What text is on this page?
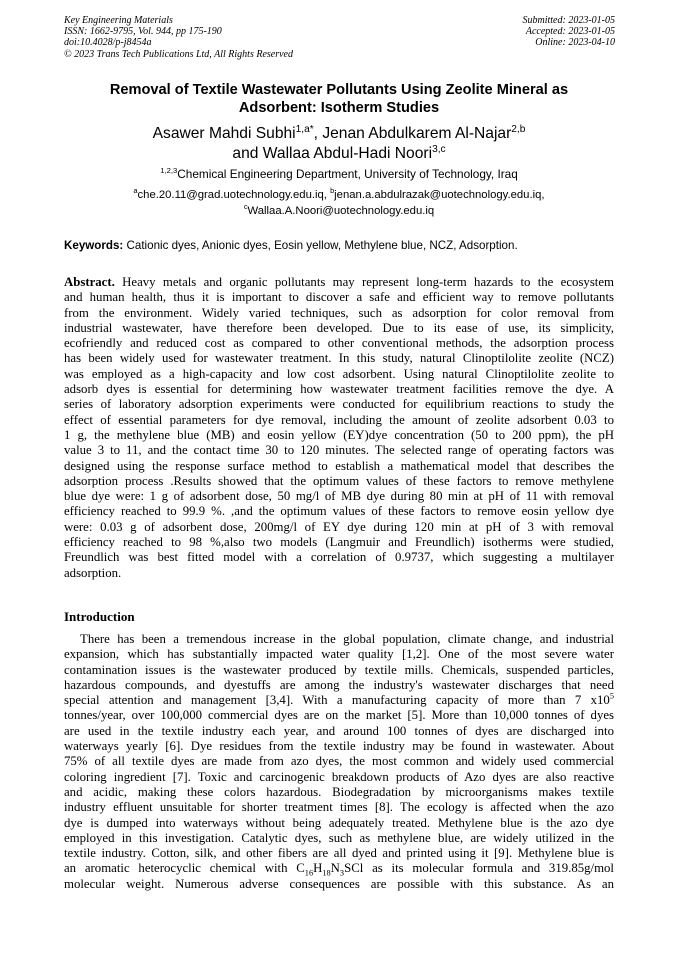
Key Engineering Materials
ISSN: 1662-9795, Vol. 944, pp 175-190
doi:10.4028/p-j8454a
© 2023 Trans Tech Publications Ltd, All Rights Reserved
Submitted: 2023-01-05
Accepted: 2023-01-05
Online: 2023-04-10
Removal of Textile Wastewater Pollutants Using Zeolite Mineral as
Adsorbent: Isotherm Studies
Asawer Mahdi Subhi$^{1,a*}$, Jenan Abdulkarem Al-Najar$^{2,b}$
and Wallaa Abdul-Hadi Noori$^{3,c}$
$^{1,2,3}$Chemical Engineering Department, University of Technology, Iraq
$^a$che.20.11@grad.uotechnology.edu.iq, $^b$jenan.a.abdulrazak@uotechnology.edu.iq,
$^c$Wallaa.A.Noori@uotechnology.edu.iq
Keywords: Cationic dyes, Anionic dyes, Eosin yellow, Methylene blue, NCZ, Adsorption.
Abstract. Heavy metals and organic pollutants may represent long-term hazards to the ecosystem
and human health, thus it is important to discover a safe and efficient way to remove pollutants
from the environment. Widely varied techniques, such as adsorption for color removal from
industrial wastewater, have therefore been developed. Due to its ease of use, its simplicity,
ecofriendly and reduced cost as compared to other conventional methods, the adsorption process
has been widely used for wastewater treatment. In this study, natural Clinoptilolite zeolite (NCZ)
was employed as a high-capacity and low cost adsorbent. Using natural Clinoptilolite zeolite to
adsorb dyes is essential for determining how wastewater treatment facilities remove the dye. A
series of laboratory adsorption experiments were conducted for equilibrium reactions to study the
effect of essential parameters for dye removal, including the amount of zeolite adsorbent 0.03 to
1 g, the methylene blue (MB) and eosin yellow (EY)dye concentration (50 to 200 ppm), the pH
value 3 to 11, and the contact time 30 to 120 minutes. The selected range of operating factors was
designed using the response surface method to establish a mathematical model that describes the
adsorption process .Results showed that the optimum values of these factors to remove methylene
blue dye were: 1 g of adsorbent dose, 50 mg/l of MB dye during 80 min at pH of 11 with removal
efficiency reached to 99.9 %. ,and the optimum values of these factors to remove eosin yellow dye
were: 0.03 g of adsorbent dose, 200mg/l of EY dye during 120 min at pH of 3 with removal
efficiency reached to 98 %,also two models (Langmuir and Freundlich) isotherms were studied,
Freundlich was best fitted model with a correlation of 0.9737, which suggesting a multilayer
adsorption.
Introduction
There has been a tremendous increase in the global population, climate change, and industrial
expansion, which has substantially impacted water quality [1,2]. One of the most severe water
contamination issues is the wastewater produced by textile mills. Chemicals, suspended particles,
hazardous compounds, and dyestuffs are among the industry's wastewater discharges that need
special attention and management [3,4]. With a manufacturing capacity of more than 7 $x10^5$
tonnes/year, over 100,000 commercial dyes are on the market [5]. More than 10,000 tonnes of dyes
are used in the textile industry each year, and around 100 tonnes of dyes are discharged into
waterways yearly [6]. Dye residues from the textile industry may be found in wastewater. About
75% of all textile dyes are made from azo dyes, the most common and widely used commercial
coloring ingredient [7]. Toxic and carcinogenic breakdown products of Azo dyes are also reactive
and acidic, making these colors hazardous. Biodegradation by microorganisms makes textile
industry effluent unsuitable for shorter treatment times [8]. The ecology is affected when the azo
dye is dumped into waterways without being adequately treated. Methylene blue is the azo dye
employed in this investigation. Catalytic dyes, such as methylene blue, are widely utilized in the
textile industry. Cotton, silk, and other fibers are all dyed and printed using it [9]. Methylene blue is
an aromatic heterocyclic chemical with $C_{16}H_{18}N_3SCl$ as its molecular formula and 319.85g/mol
molecular weight. Numerous adverse consequences are possible with this substance. As an
